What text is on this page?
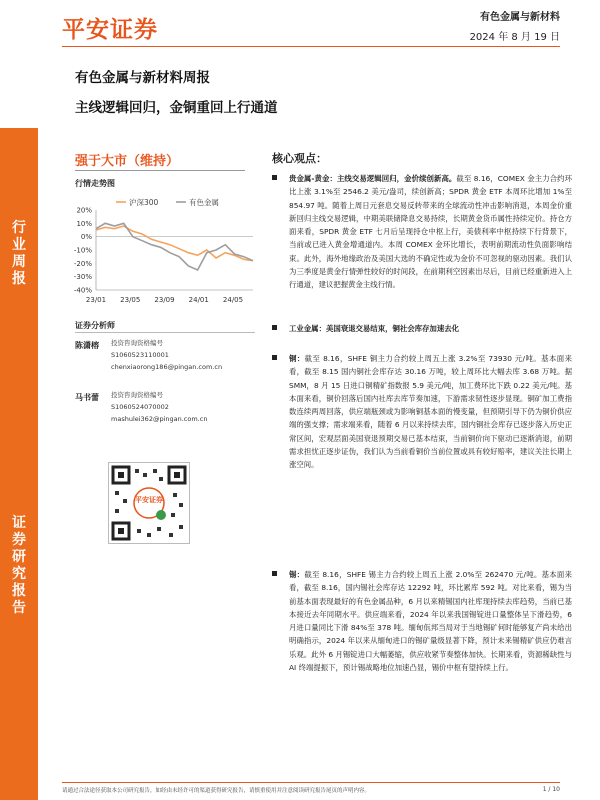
平安证券	有色金属与新材料
2024 年 8 月 19 日
有色金属与新材料周报
主线逻辑回归，金铜重回上行通道
行
业
周
报
证
券
研
究
报
告
强于大市（维持）
行情走势图
20%
10%
0%
-10%
-20%
-30%
-40%
23/01 23/05 23/09 24/01 24/05
沪深300	有色金属
证券分析师
陈潇榕 投资咨询资格编号
S1060523110001
chenxiaorong186@pingan.com.cn
马书蕾 投资咨询资格编号
S1060524070002
mashulei362@pingan.com.cn
平安证券
核心观点：
贵金属-黄金：主线交易逻辑回归，金价续创新高。截至 8.16，COMEX 金主力合约环比上涨 3.1%至 2546.2 美元/盎司，续创新高；SPDR 黄金 ETF 本周环比增加 1%至 854.97 吨。随着上周日元套息交易反转带来的全球流动性冲击影响消退，本周金价重新回归主线交易逻辑，中期美联储降息交易持续，长期黄金货币属性持续定价。持仓方面来看，SPDR 黄金 ETF 七月后呈现持仓中枢上行，美债利率中枢持续下行背景下，当前或已进入黄金增通道内。本周 COMEX 金环比增长，表明前期流动性负面影响结束。此外，海外地缘政治及美国大选的不确定性或为金价不可忽视的驱动因素。我们认为三季度是黄金行情弹性较好的时间段，在前期利空因素出尽后，目前已经重新进入上行通道，建议把握黄金主线行情。
工业金属：美国衰退交易结束，铜社会库存加速去化
铜：截至 8.16，SHFE 铜主力合约较上周五上涨 3.2%至 73930 元/吨。基本面来看，截至 8.15 国内铜社会库存达 30.16 万吨，较上周环比大幅去库 3.68 万吨。据 SMM，8 月 15 日进口铜精矿指数报 5.9 美元/吨，加工费环比下跌 0.22 美元/吨。基本面来看，铜价回落后国内社库去库节奏加速，下游需求韧性逐步显现。铜矿加工费指数连续两周回落，供应端瓶颈或为影响铜基本面的慢变量，但预期引导下仍为铜价供应端的强支撑；需求端来看，随着 6 月以来持续去库，国内铜社会库存已逐步落入历史正常区间，宏观层面美国衰退预期交易已基本结束，当前铜价向下驱动已逐渐消退，前期需求担忧正逐步证伪，我们认为当前看铜价当前位置或具有较好赔率，建议关注长期上涨空间。
锡：截至 8.16，SHFE 锡主力合约较上周五上涨 2.0%至 262470 元/吨。基本面来看，截至 8.16，国内锡社会库存达 12292 吨，环比累库 592 吨。对比来看，锡为当前基本面表现最好的有色金属品种，6 月以来精锡国内社库现持续去库趋势，当前已基本接近去年同期水平。供应端来看，2024 年以来我国锡锭进口量整体呈下滑趋势，6 月进口量同比下滑 84%至 378 吨。缅甸佤邦当局对于当地锡矿何时能够复产尚未给出明确指示，2024 年以来从缅甸进口的锡矿量级显著下降，预计未来锡精矿供应仍难言乐观。此外 6 月锡锭进口大幅萎缩，供应收紧节奏整体加快。长期来看，资源稀缺性与 AI 终端提振下，预计锡战略地位加速凸显，锡价中枢有望持续上行。
请通过合法途径获取本公司研究报告，如经由未经许可的渠道获得研究报告，请慎重使用并注意阅读研究报告尾页的声明内容。	1 / 10
